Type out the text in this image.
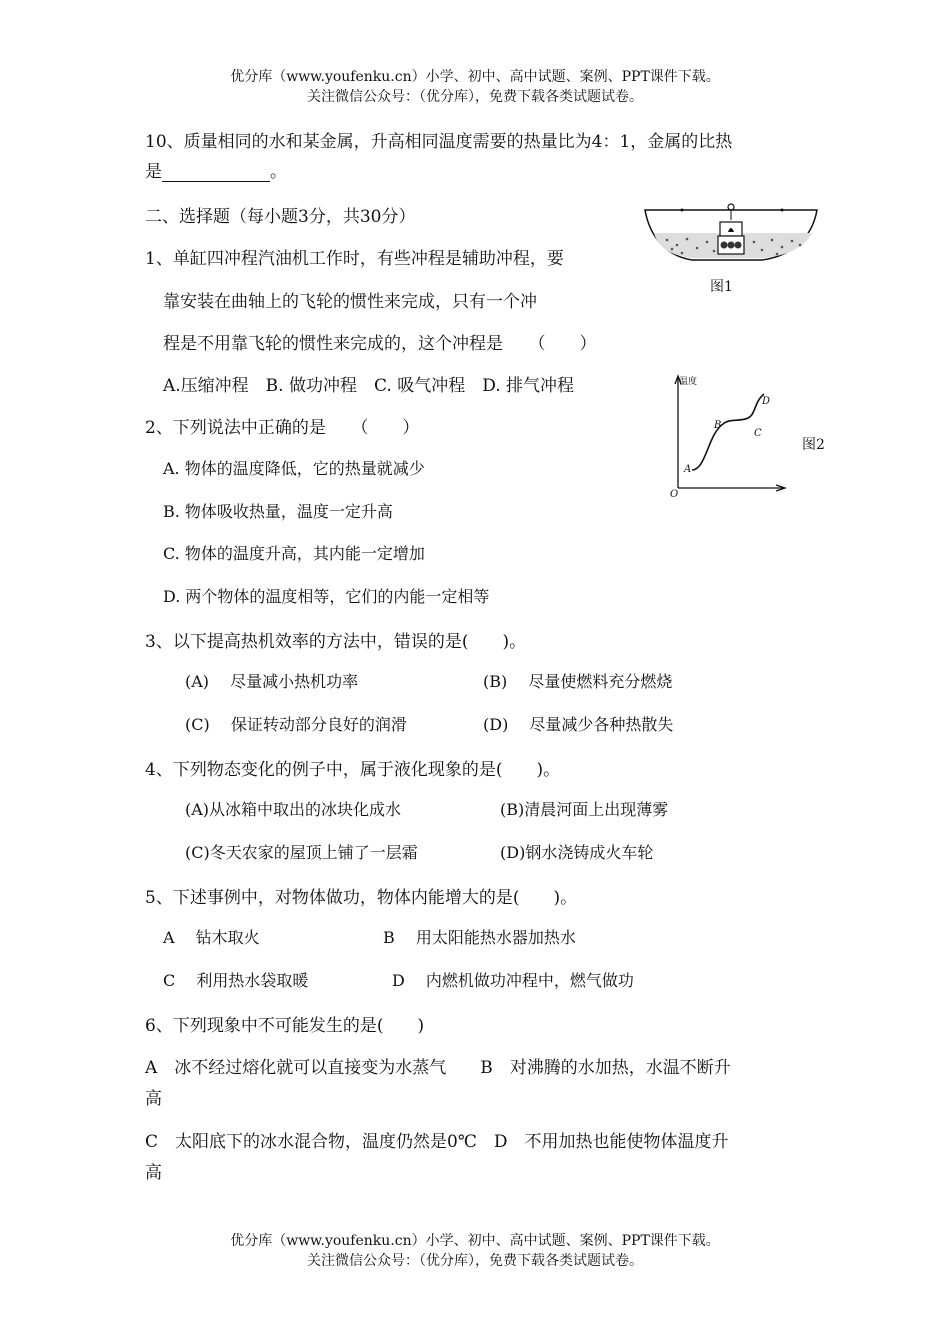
优分库（www.youfenku.cn）小学、初中、高中试题、案例、PPT课件下载。
关注微信公众号：（优分库），免费下载各类试题试卷。
10、质量相同的水和某金属，升高相同温度需要的热量比为4：1，金属的比热
是	。
二、选择题（每小题3分，共30分）
图1
1、单缸四冲程汽油机工作时，有些冲程是辅助冲程，要
靠安装在曲轴上的飞轮的惯性来完成，只有一个冲
程是不用靠飞轮的惯性来完成的，这个冲程是　　（　　）
A.压缩冲程　B. 做功冲程　C. 吸气冲程　D. 排气冲程	温度
O
A
B
C
D
图2
2、下列说法中正确的是　　（　　）
A. 物体的温度降低，它的热量就减少
B. 物体吸收热量，温度一定升高
C. 物体的温度升高，其内能一定增加
D. 两个物体的温度相等，它们的内能一定相等
3、以下提高热机效率的方法中，错误的是(　　)。
(A)　 尽量减小热机功率	(B)　 尽量使燃料充分燃烧
(C)　 保证转动部分良好的润滑	(D)　 尽量减少各种热散失
4、下列物态变化的例子中，属于液化现象的是(　　)。
(A)从冰箱中取出的冰块化成水	(B)清晨河面上出现薄雾
(C)冬天农家的屋顶上铺了一层霜	(D)钢水浇铸成火车轮
5、下述事例中，对物体做功，物体内能增大的是(　　)。
A　 钻木取火	B　 用太阳能热水器加热水
C　 利用热水袋取暖	D　 内燃机做功冲程中，燃气做功
6、下列现象中不可能发生的是(　　)
A　冰不经过熔化就可以直接变为水蒸气　　B　对沸腾的水加热，水温不断升
高
C　太阳底下的冰水混合物，温度仍然是0℃　D　不用加热也能使物体温度升
高
优分库（www.youfenku.cn）小学、初中、高中试题、案例、PPT课件下载。
关注微信公众号：（优分库），免费下载各类试题试卷。
